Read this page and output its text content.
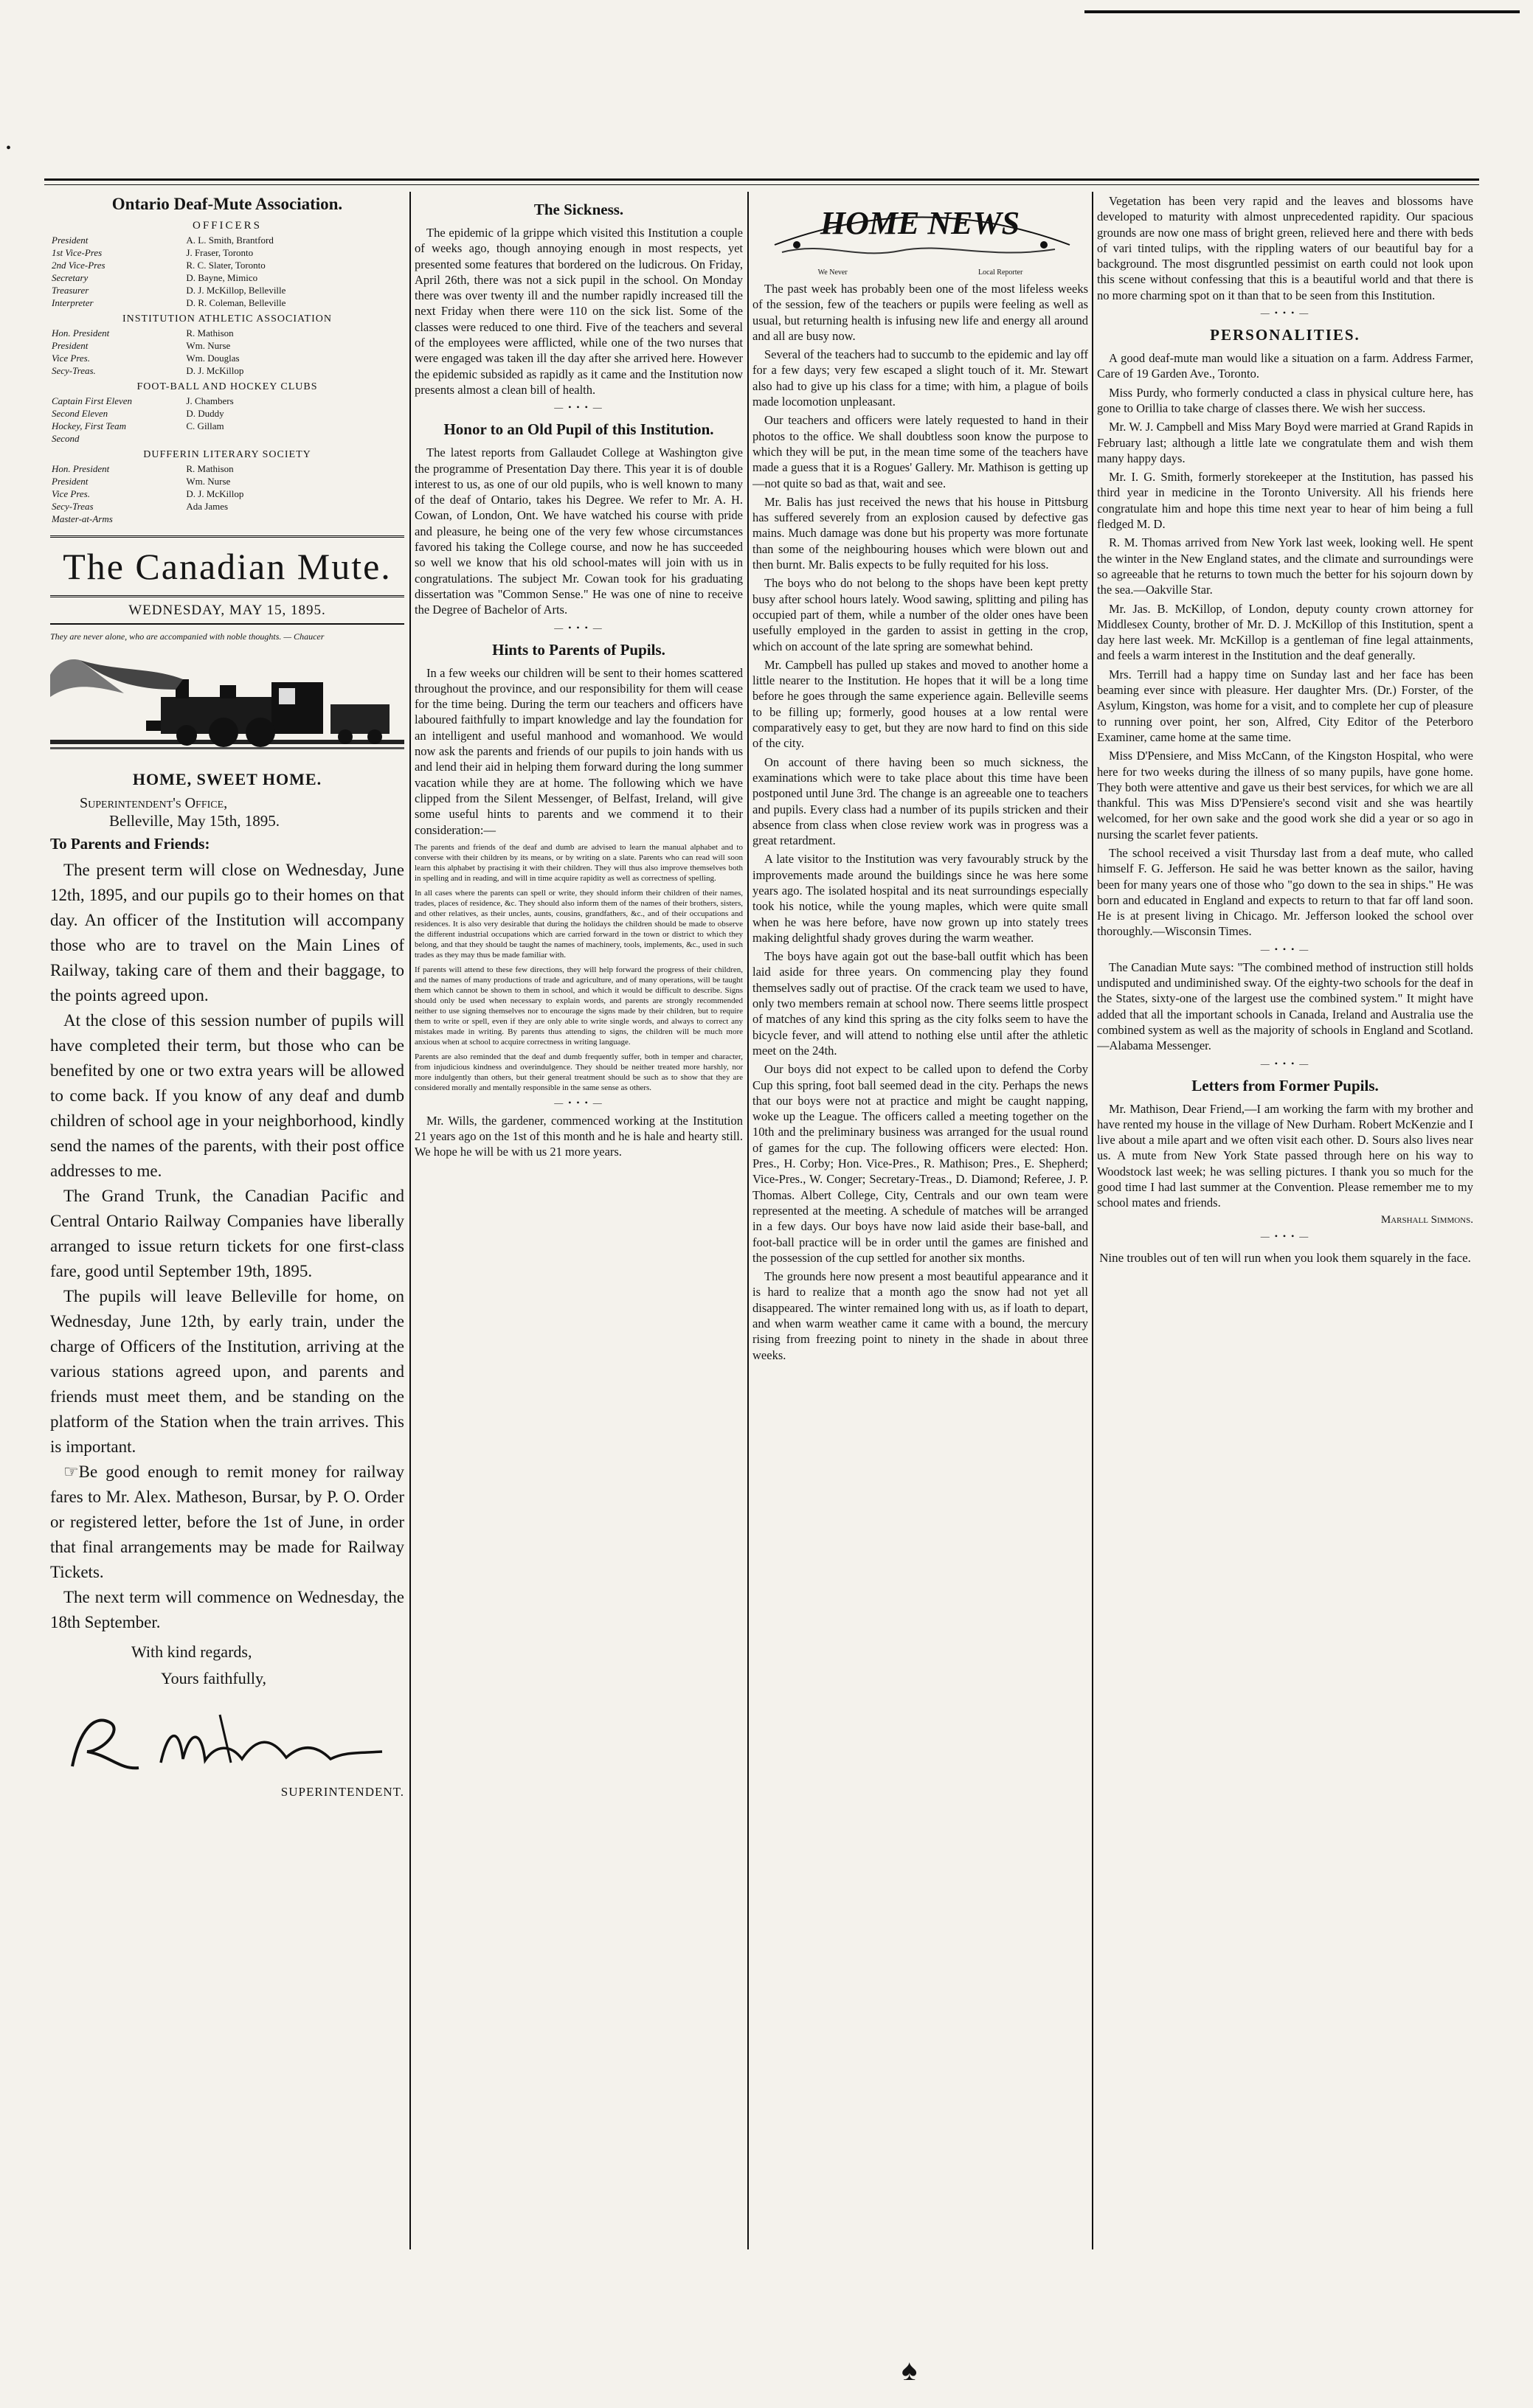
•
Ontario Deaf-Mute Association.
OFFICERS
President	A. L. Smith, Brantford
1st Vice-Pres	J. Fraser, Toronto
2nd Vice-Pres	R. C. Slater, Toronto
Secretary	D. Bayne, Mimico
Treasurer	D. J. McKillop, Belleville
Interpreter	D. R. Coleman, Belleville
INSTITUTION ATHLETIC ASSOCIATION
Hon. President	R. Mathison
President	Wm. Nurse
Vice Pres.	Wm. Douglas
Secy-Treas.	D. J. McKillop
FOOT-BALL AND HOCKEY CLUBS
Captain First Eleven	J. Chambers
Second Eleven	D. Duddy
Hockey, First Team	C. Gillam
Second	
DUFFERIN LITERARY SOCIETY
Hon. President	R. Mathison
President	Wm. Nurse
Vice Pres.	D. J. McKillop
Secy-Treas	Ada James
Master-at-Arms	
The Canadian Mute.
WEDNESDAY, MAY 15, 1895.
They are never alone, who are accompanied with noble thoughts. — Chaucer
HOME, SWEET HOME.
Superintendent's Office,
Belleville, May 15th, 1895.
To Parents and Friends:

The present term will close on Wednesday, June 12th, 1895, and our pupils go to their homes on that day. An officer of the Institution will accompany those who are to travel on the Main Lines of Railway, taking care of them and their baggage, to the points agreed upon.

At the close of this session number of pupils will have completed their term, but those who can be benefited by one or two extra years will be allowed to come back. If you know of any deaf and dumb children of school age in your neighborhood, kindly send the names of the parents, with their post office addresses to me.

The Grand Trunk, the Canadian Pacific and Central Ontario Railway Companies have liberally arranged to issue return tickets for one first-class fare, good until September 19th, 1895.

The pupils will leave Belleville for home, on Wednesday, June 12th, by early train, under the charge of Officers of the Institution, arriving at the various stations agreed upon, and parents and friends must meet them, and be standing on the platform of the Station when the train arrives. This is important.

☞Be good enough to remit money for railway fares to Mr. Alex. Matheson, Bursar, by P. O. Order or registered letter, before the 1st of June, in order that final arrangements may be made for Railway Tickets.

The next term will commence on Wednesday, the 18th September.

With kind regards,
Yours faithfully,
SUPERINTENDENT.
The Sickness.

The epidemic of la grippe which visited this Institution a couple of weeks ago, though annoying enough in most respects, yet presented some features that bordered on the ludicrous. On Friday, April 26th, there was not a sick pupil in the school. On Monday there was over twenty ill and the number rapidly increased till the next Friday when there were 110 on the sick list. Some of the classes were reduced to one third. Five of the teachers and several of the employees were afflicted, while one of the two nurses that were engaged was taken ill the day after she arrived here. However the epidemic subsided as rapidly as it came and the Institution now presents almost a clean bill of health.

— • • • —
Honor to an Old Pupil of this Institution.

The latest reports from Gallaudet College at Washington give the programme of Presentation Day there. This year it is of double interest to us, as one of our old pupils, who is well known to many of the deaf of Ontario, takes his Degree. We refer to Mr. A. H. Cowan, of London, Ont. We have watched his course with pride and pleasure, he being one of the very few whose circumstances favored his taking the College course, and now he has succeeded so well we know that his old school-mates will join with us in congratulations. The subject Mr. Cowan took for his graduating dissertation was "Common Sense." He was one of nine to receive the Degree of Bachelor of Arts.

— • • • —
Hints to Parents of Pupils.

In a few weeks our children will be sent to their homes scattered throughout the province, and our responsibility for them will cease for the time being. During the term our teachers and officers have laboured faithfully to impart knowledge and lay the foundation for an intelligent and useful manhood and womanhood. We would now ask the parents and friends of our pupils to join hands with us and lend their aid in helping them forward during the long summer vacation while they are at home. The following which we have clipped from the Silent Messenger, of Belfast, Ireland, will give some useful hints to parents and we commend it to their consideration:—

The parents and friends of the deaf and dumb are advised to learn the manual alphabet and to converse with their children by its means, or by writing on a slate. Parents who can read will soon learn this alphabet by practising it with their children. They will thus also improve themselves both in spelling and in reading, and will in time acquire rapidity as well as correctness of spelling.

In all cases where the parents can spell or write, they should inform their children of their names, trades, places of residence, &c. They should also inform them of the names of their brothers, sisters, and other relatives, as their uncles, aunts, cousins, grandfathers, &c., and of their occupations and residences. It is also very desirable that during the holidays the children should be made to observe the different industrial occupations which are carried forward in the town or district to which they belong, and that they should be taught the names of machinery, tools, implements, &c., used in such trades as they may thus be made familiar with.

If parents will attend to these few directions, they will help forward the progress of their children, and the names of many productions of trade and agriculture, and of many operations, will be taught them which cannot be shown to them in school, and which it would be difficult to describe. Signs should only be used when necessary to explain words, and parents are strongly recommended neither to use signing themselves nor to encourage the signs made by their children, but to require them to write or spell, even if they are only able to write single words, and always to correct any mistakes made in writing. By parents thus attending to signs, the children will be much more anxious when at school to acquire correctness in writing language.

Parents are also reminded that the deaf and dumb frequently suffer, both in temper and character, from injudicious kindness and overindulgence. They should be neither treated more harshly, nor more indulgently than others, but their general treatment should be such as to show that they are considered morally and mentally responsible in the same sense as others.

— • • • —

Mr. Wills, the gardener, commenced working at the Institution 21 years ago on the 1st of this month and he is hale and hearty still. We hope he will be with us 21 more years.

HOME NEWS
We Never	Local Reporter

The past week has probably been one of the most lifeless weeks of the session, few of the teachers or pupils were feeling as well as usual, but returning health is infusing new life and energy all around and all are busy now.

Several of the teachers had to succumb to the epidemic and lay off for a few days; very few escaped a slight touch of it. Mr. Stewart also had to give up his class for a time; with him, a plague of boils made locomotion unpleasant.

Our teachers and officers were lately requested to hand in their photos to the office. We shall doubtless soon know the purpose to which they will be put, in the mean time some of the teachers have made a guess that it is a Rogues' Gallery. Mr. Mathison is getting up—not quite so bad as that, wait and see.

Mr. Balis has just received the news that his house in Pittsburg has suffered severely from an explosion caused by defective gas mains. Much damage was done but his property was more fortunate than some of the neighbouring houses which were blown out and then burnt. Mr. Balis expects to be fully requited for his loss.

The boys who do not belong to the shops have been kept pretty busy after school hours lately. Wood sawing, splitting and piling has occupied part of them, while a number of the older ones have been usefully employed in the garden to assist in getting in the crop, which on account of the late spring are somewhat behind.

Mr. Campbell has pulled up stakes and moved to another home a little nearer to the Institution. He hopes that it will be a long time before he goes through the same experience again. Belleville seems to be filling up; formerly, good houses at a low rental were comparatively easy to get, but they are now hard to find on this side of the city.

On account of there having been so much sickness, the examinations which were to take place about this time have been postponed until June 3rd. The change is an agreeable one to teachers and pupils. Every class had a number of its pupils stricken and their absence from class when close review work was in progress was a great retardment.

A late visitor to the Institution was very favourably struck by the improvements made around the buildings since he was here some years ago. The isolated hospital and its neat surroundings especially took his notice, while the young maples, which were quite small when he was here before, have now grown up into stately trees making delightful shady groves during the warm weather.

The boys have again got out the base-ball outfit which has been laid aside for three years. On commencing play they found themselves sadly out of practise. Of the crack team we used to have, only two members remain at school now. There seems little prospect of matches of any kind this spring as the city folks seem to have the bicycle fever, and will attend to nothing else until after the athletic meet on the 24th.

Our boys did not expect to be called upon to defend the Corby Cup this spring, foot ball seemed dead in the city. Perhaps the news that our boys were not at practice and might be caught napping, woke up the League. The officers called a meeting together on the 10th and the preliminary business was arranged for the usual round of games for the cup. The following officers were elected: Hon. Pres., H. Corby; Hon. Vice-Pres., R. Mathison; Pres., E. Shepherd; Vice-Pres., W. Conger; Secretary-Treas., D. Diamond; Referee, J. P. Thomas. Albert College, City, Centrals and our own team were represented at the meeting. A schedule of matches will be arranged in a few days. Our boys have now laid aside their base-ball, and foot-ball practice will be in order until the games are finished and the possession of the cup settled for another six months.

The grounds here now present a most beautiful appearance and it is hard to realize that a month ago the snow had not yet all disappeared. The winter remained long with us, as if loath to depart, and when warm weather came it came with a bound, the mercury rising from freezing point to ninety in the shade in about three weeks.

Vegetation has been very rapid and the leaves and blossoms have developed to maturity with almost unprecedented rapidity. Our spacious grounds are now one mass of bright green, relieved here and there with beds of vari tinted tulips, with the rippling waters of our beautiful bay for a background. The most disgruntled pessimist on earth could not look upon this scene without confessing that this is a beautiful world and that there is no more charming spot on it than that to be seen from this Institution.

— • • • —
PERSONALITIES.

A good deaf-mute man would like a situation on a farm. Address Farmer, Care of 19 Garden Ave., Toronto.

Miss Purdy, who formerly conducted a class in physical culture here, has gone to Orillia to take charge of classes there. We wish her success.

Mr. W. J. Campbell and Miss Mary Boyd were married at Grand Rapids in February last; although a little late we congratulate them and wish them many happy days.

Mr. I. G. Smith, formerly storekeeper at the Institution, has passed his third year in medicine in the Toronto University. All his friends here congratulate him and hope this time next year to hear of him being a full fledged M. D.

R. M. Thomas arrived from New York last week, looking well. He spent the winter in the New England states, and the climate and surroundings were so agreeable that he returns to town much the better for his sojourn down by the sea.—Oakville Star.

Mr. Jas. B. McKillop, of London, deputy county crown attorney for Middlesex County, brother of Mr. D. J. McKillop of this Institution, spent a day here last week. Mr. McKillop is a gentleman of fine legal attainments, and feels a warm interest in the Institution and the deaf generally.

Mrs. Terrill had a happy time on Sunday last and her face has been beaming ever since with pleasure. Her daughter Mrs. (Dr.) Forster, of the Asylum, Kingston, was home for a visit, and to complete her cup of pleasure to running over point, her son, Alfred, City Editor of the Peterboro Examiner, came home at the same time.

Miss D'Pensiere, and Miss McCann, of the Kingston Hospital, who were here for two weeks during the illness of so many pupils, have gone home. They both were attentive and gave us their best services, for which we are all thankful. This was Miss D'Pensiere's second visit and she was heartily welcomed, for her own sake and the good work she did a year or so ago in nursing the scarlet fever patients.

The school received a visit Thursday last from a deaf mute, who called himself F. G. Jefferson. He said he was better known as the sailor, having been for many years one of those who "go down to the sea in ships." He was born and educated in England and expects to return to that far off land soon. He is at present living in Chicago. Mr. Jefferson looked the school over thoroughly.—Wisconsin Times.

— • • • —

The Canadian Mute says: "The combined method of instruction still holds undisputed and undiminished sway. Of the eighty-two schools for the deaf in the States, sixty-one of the largest use the combined system." It might have added that all the important schools in Canada, Ireland and Australia use the combined system as well as the majority of schools in England and Scotland.—Alabama Messenger.

— • • • —
Letters from Former Pupils.

Mr. Mathison, Dear Friend,—I am working the farm with my brother and have rented my house in the village of New Durham. Robert McKenzie and I live about a mile apart and we often visit each other. D. Sours also lives near us. A mute from New York State passed through here on his way to Woodstock last week; he was selling pictures. I thank you so much for the good time I had last summer at the Convention. Please remember me to my school mates and friends.

Marshall Simmons.
— • • • —
Nine troubles out of ten will run when you look them squarely in the face.
♠
